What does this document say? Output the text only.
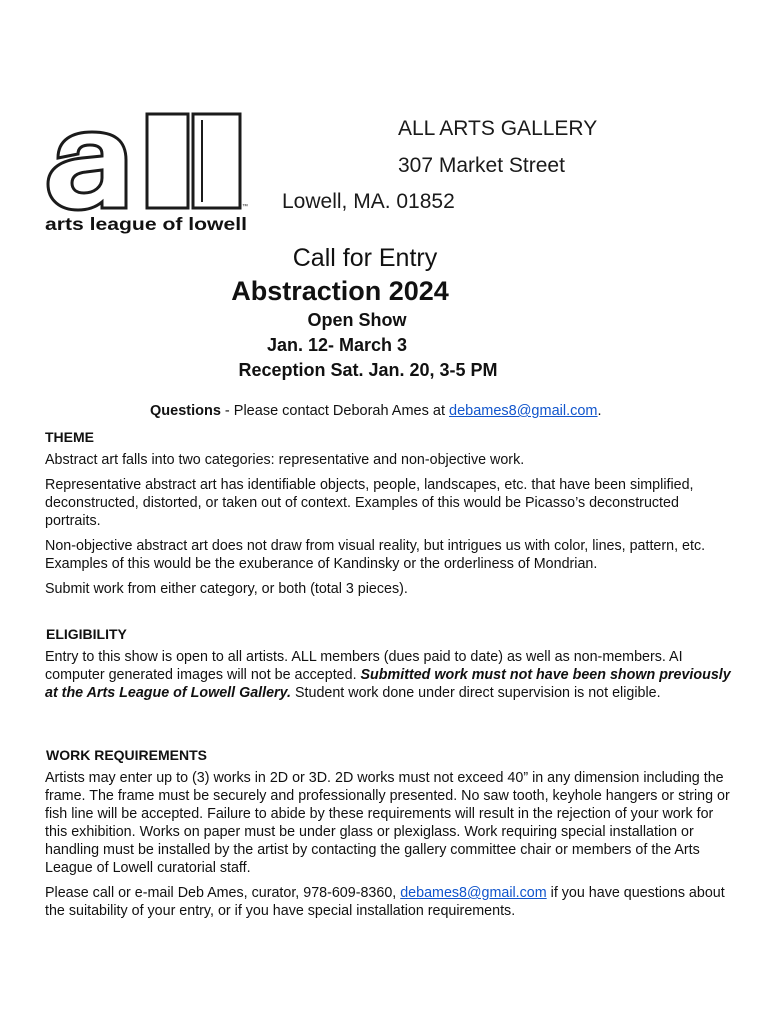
™
arts league of lowell
ALL ARTS GALLERY
307 Market Street
Lowell, MA. 01852
Call for Entry
Abstraction 2024
Open Show
Jan. 12- March 3
Reception Sat. Jan. 20, 3-5 PM
Questions - Please contact Deborah Ames at debames8@gmail.com.
THEME
Abstract art falls into two categories: representative and non-objective work.
Representative abstract art has identifiable objects, people, landscapes, etc. that have been simplified, deconstructed, distorted, or taken out of context. Examples of this would be Picasso’s deconstructed portraits.
Non-objective abstract art does not draw from visual reality, but intrigues us with color, lines, pattern, etc. Examples of this would be the exuberance of Kandinsky or the orderliness of Mondrian.
Submit work from either category, or both (total 3 pieces).
ELIGIBILITY
Entry to this show is open to all artists. ALL members (dues paid to date) as well as non-members. AI computer generated images will not be accepted. Submitted work must not have been shown previously at the Arts League of Lowell Gallery. Student work done under direct supervision is not eligible.
WORK REQUIREMENTS
Artists may enter up to (3) works in 2D or 3D. 2D works must not exceed 40” in any dimension including the frame. The frame must be securely and professionally presented. No saw tooth, keyhole hangers or string or fish line will be accepted. Failure to abide by these requirements will result in the rejection of your work for this exhibition. Works on paper must be under glass or plexiglass. Work requiring special installation or handling must be installed by the artist by contacting the gallery committee chair or members of the Arts League of Lowell curatorial staff.
Please call or e-mail Deb Ames, curator, 978-609-8360, debames8@gmail.com if you have questions about the suitability of your entry, or if you have special installation requirements.
